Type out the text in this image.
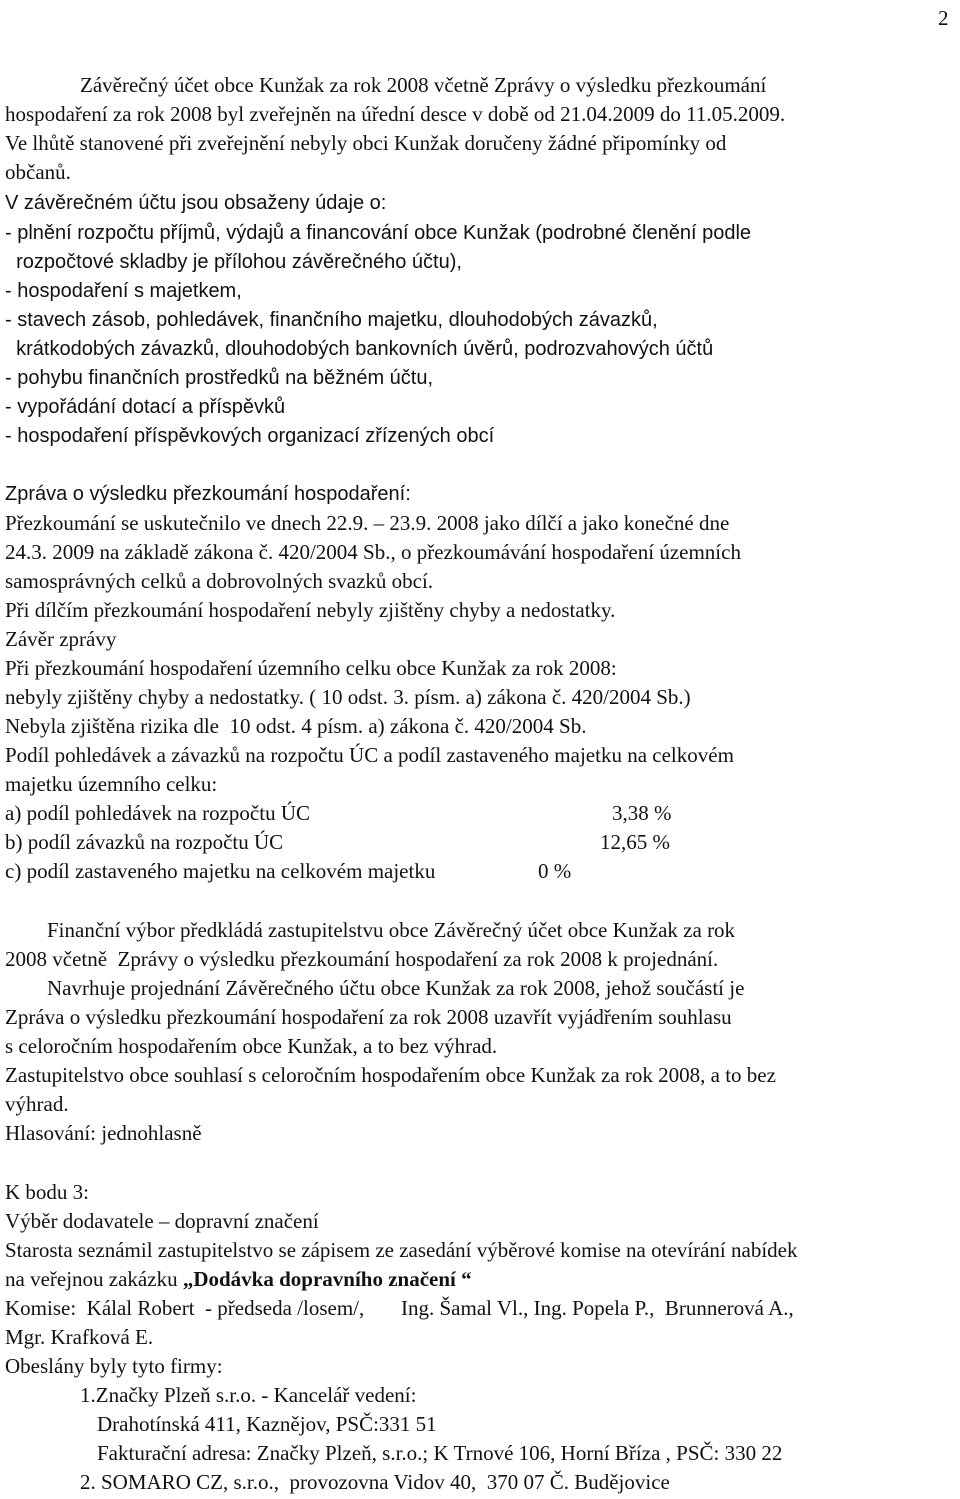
2
Závěrečný účet obce Kunžak za rok 2008 včetně Zprávy o výsledku přezkoumání
hospodaření za rok 2008 byl zveřejněn na úřední desce v době od 21.04.2009 do 11.05.2009.
Ve lhůtě stanovené při zveřejnění nebyly obci Kunžak doručeny žádné připomínky od
občanů.
V závěrečném účtu jsou obsaženy údaje o:
- plnění rozpočtu příjmů, výdajů a financování obce Kunžak (podrobné členění podle
rozpočtové skladby je přílohou závěrečného účtu),
- hospodaření s majetkem,
- stavech zásob, pohledávek, finančního majetku, dlouhodobých závazků,
krátkodobých závazků, dlouhodobých bankovních úvěrů, podrozvahových účtů
- pohybu finančních prostředků na běžném účtu,
- vypořádání dotací a příspěvků
- hospodaření příspěvkových organizací zřízených obcí
Zpráva o výsledku přezkoumání hospodaření:
Přezkoumání se uskutečnilo ve dnech 22.9. – 23.9. 2008 jako dílčí a jako konečné dne
24.3. 2009 na základě zákona č. 420/2004 Sb., o přezkoumávání hospodaření územních
samosprávných celků a dobrovolných svazků obcí.
Při dílčím přezkoumání hospodaření nebyly zjištěny chyby a nedostatky.
Závěr zprávy
Při přezkoumání hospodaření územního celku obce Kunžak za rok 2008:
nebyly zjištěny chyby a nedostatky. ( 10 odst. 3. písm. a) zákona č. 420/2004 Sb.)
Nebyla zjištěna rizika dle  10 odst. 4 písm. a) zákona č. 420/2004 Sb.
Podíl pohledávek a závazků na rozpočtu ÚC a podíl zastaveného majetku na celkovém
majetku územního celku:
a) podíl pohledávek na rozpočtu ÚC	3,38 %
b) podíl závazků na rozpočtu ÚC	12,65 %
c) podíl zastaveného majetku na celkovém majetku	0 %
Finanční výbor předkládá zastupitelstvu obce Závěrečný účet obce Kunžak za rok
2008 včetně  Zprávy o výsledku přezkoumání hospodaření za rok 2008 k projednání.
Navrhuje projednání Závěrečného účtu obce Kunžak za rok 2008, jehož součástí je
Zpráva o výsledku přezkoumání hospodaření za rok 2008 uzavřít vyjádřením souhlasu
s celoročním hospodařením obce Kunžak, a to bez výhrad.
Zastupitelstvo obce souhlasí s celoročním hospodařením obce Kunžak za rok 2008, a to bez
výhrad.
Hlasování: jednohlasně
K bodu 3:
Výběr dodavatele – dopravní značení
Starosta seznámil zastupitelstvo se zápisem ze zasedání výběrové komise na otevírání nabídek
na veřejnou zakázku „Dodávka dopravního značení “
Komise:  Kálal Robert  - předseda /losem/,       Ing. Šamal Vl., Ing. Popela P.,  Brunnerová A.,
Mgr. Krafková E.
Obeslány byly tyto firmy:
1.Značky Plzeň s.r.o. - Kancelář vedení:
Drahotínská 411, Kaznějov, PSČ:331 51
Fakturační adresa: Značky Plzeň, s.r.o.; K Trnové 106, Horní Bříza , PSČ: 330 22
2. SOMARO CZ, s.r.o.,  provozovna Vidov 40,  370 07 Č. Budějovice
